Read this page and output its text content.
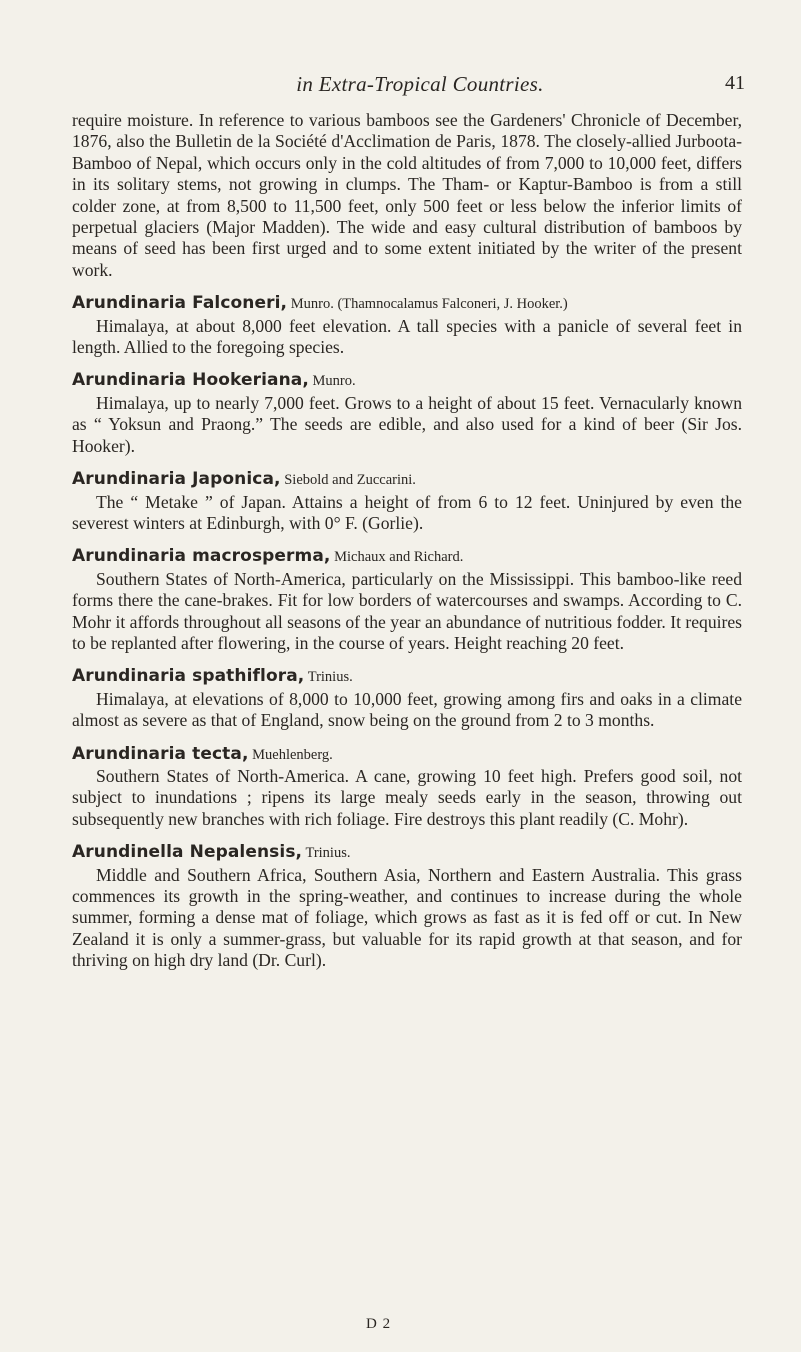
in Extra-Tropical Countries.	41

require moisture. In reference to various bamboos see the Gardeners' Chronicle of December, 1876, also the Bulletin de la Société d'Acclimation de Paris, 1878. The closely-allied Jurboota-Bamboo of Nepal, which occurs only in the cold altitudes of from 7,000 to 10,000 feet, differs in its solitary stems, not growing in clumps. The Tham- or Kaptur-Bamboo is from a still colder zone, at from 8,500 to 11,500 feet, only 500 feet or less below the inferior limits of perpetual glaciers (Major Madden). The wide and easy cultural distribution of bamboos by means of seed has been first urged and to some extent initiated by the writer of the present work.

Arundinaria Falconeri, Munro. (Thamnocalamus Falconeri, J. Hooker.)

Himalaya, at about 8,000 feet elevation. A tall species with a panicle of several feet in length. Allied to the foregoing species.

Arundinaria Hookeriana, Munro.

Himalaya, up to nearly 7,000 feet. Grows to a height of about 15 feet. Vernacularly known as “ Yoksun and Praong.” The seeds are edible, and also used for a kind of beer (Sir Jos. Hooker).

Arundinaria Japonica, Siebold and Zuccarini.

The “ Metake ” of Japan. Attains a height of from 6 to 12 feet. Uninjured by even the severest winters at Edinburgh, with 0° F. (Gorlie).

Arundinaria macrosperma, Michaux and Richard.

Southern States of North-America, particularly on the Mississippi. This bamboo-like reed forms there the cane-brakes. Fit for low borders of watercourses and swamps. According to C. Mohr it affords throughout all seasons of the year an abundance of nutritious fodder. It requires to be replanted after flowering, in the course of years. Height reaching 20 feet.

Arundinaria spathiflora, Trinius.

Himalaya, at elevations of 8,000 to 10,000 feet, growing among firs and oaks in a climate almost as severe as that of England, snow being on the ground from 2 to 3 months.

Arundinaria tecta, Muehlenberg.

Southern States of North-America. A cane, growing 10 feet high. Prefers good soil, not subject to inundations ; ripens its large mealy seeds early in the season, throwing out subsequently new branches with rich foliage. Fire destroys this plant readily (C. Mohr).

Arundinella Nepalensis, Trinius.

Middle and Southern Africa, Southern Asia, Northern and Eastern Australia. This grass commences its growth in the spring-weather, and continues to increase during the whole summer, forming a dense mat of foliage, which grows as fast as it is fed off or cut. In New Zealand it is only a summer-grass, but valuable for its rapid growth at that season, and for thriving on high dry land (Dr. Curl).

D 2
